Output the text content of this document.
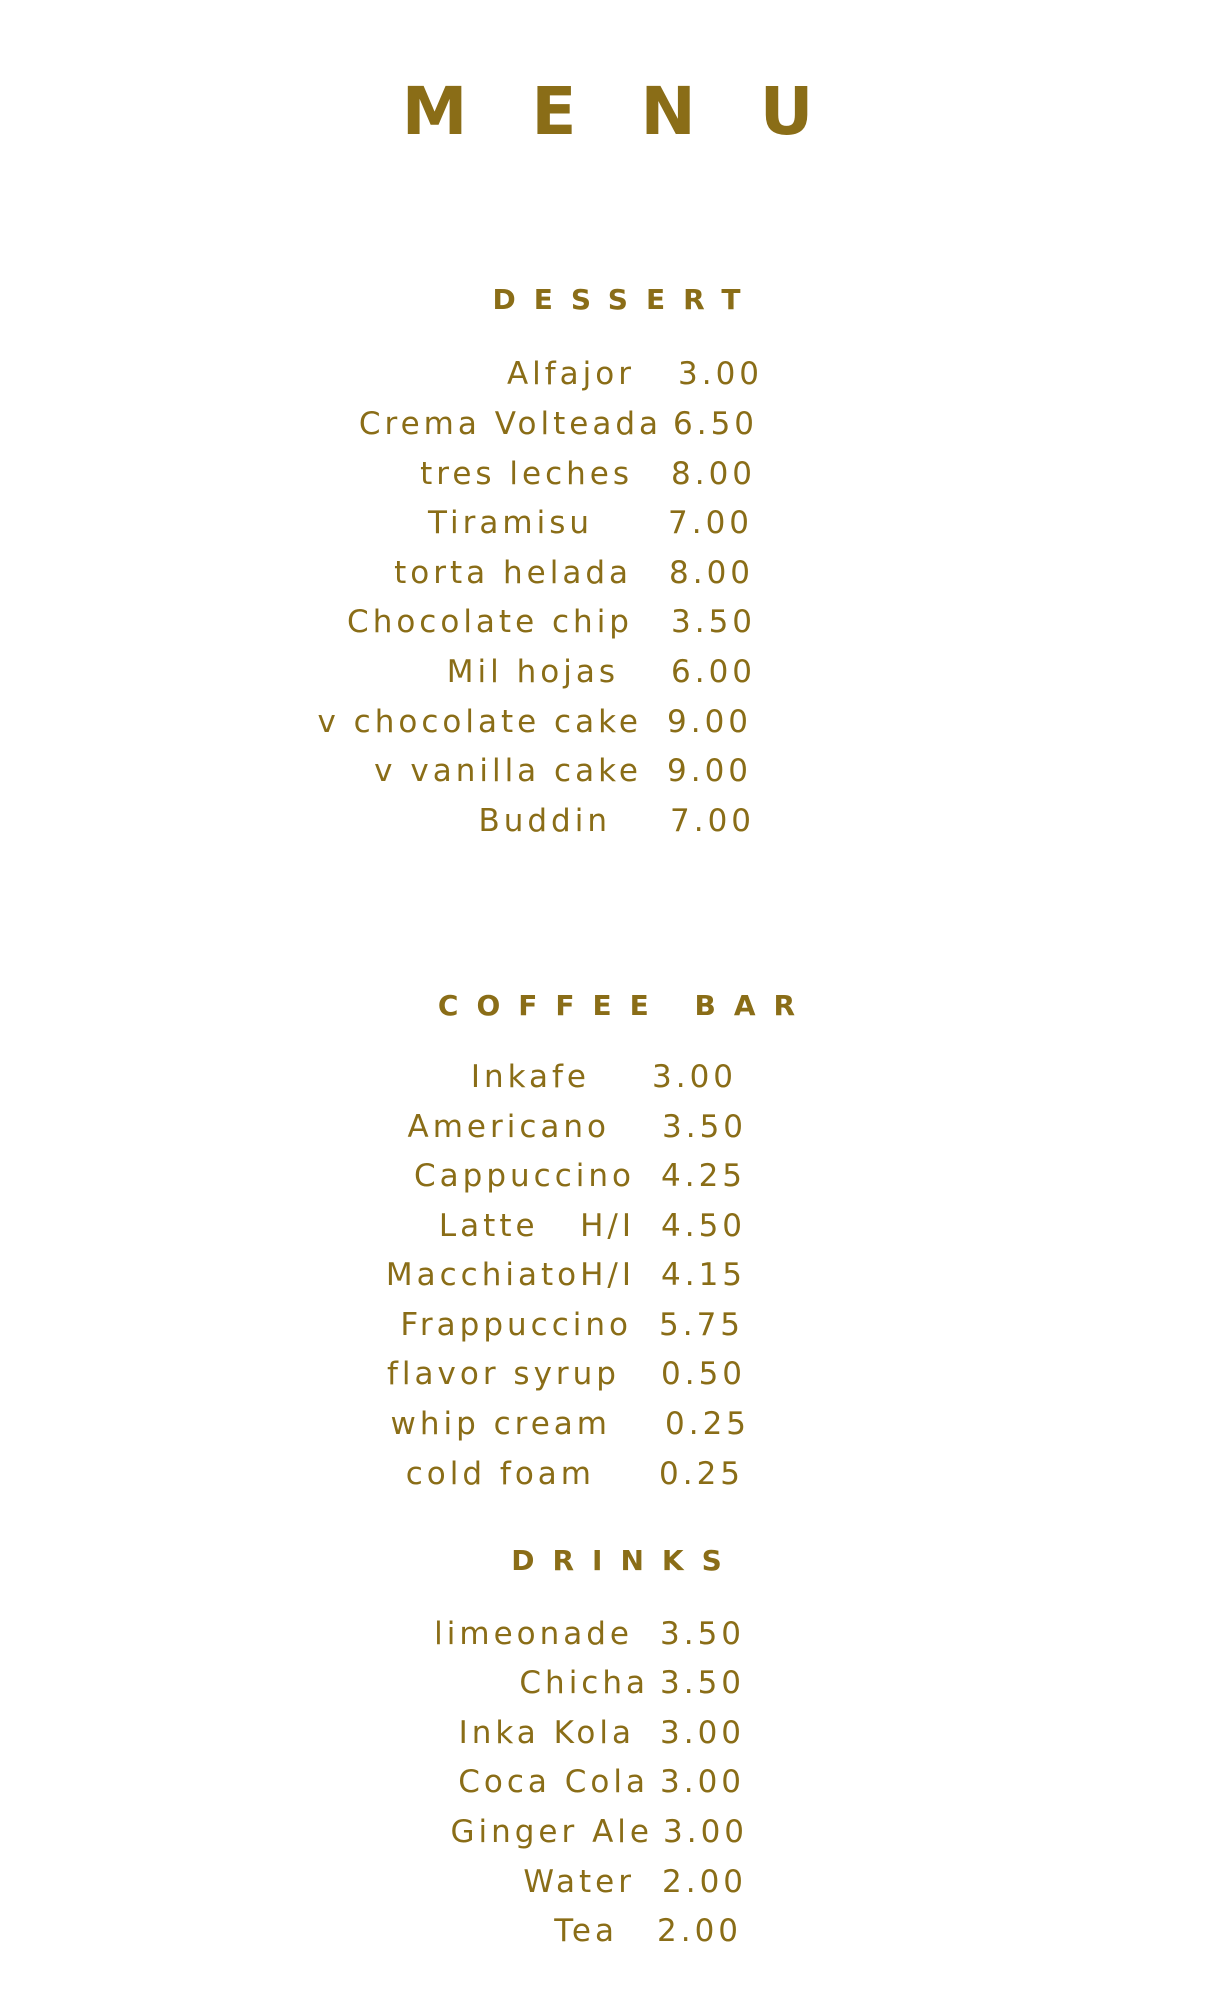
MENU
DESSERT
Alfajor 3.00
Crema Volteada 6.50
tres leches 8.00
Tiramisu 7.00
torta helada 8.00
Chocolate chip 3.50
Mil hojas 6.00
v chocolate cake 9.00
v vanilla cake 9.00
Buddin 7.00
COFFEE BAR
Inkafe 3.00
Americano 3.50
Cappuccino 4.25
Latte   H/I 4.50
MacchiatoH/I 4.15
Frappuccino 5.75
flavor syrup 0.50
whip cream 0.25
cold foam 0.25
DRINKS
limeonade 3.50
Chicha 3.50
Inka Kola 3.00
Coca Cola 3.00
Ginger Ale 3.00
Water 2.00
Tea 2.00
